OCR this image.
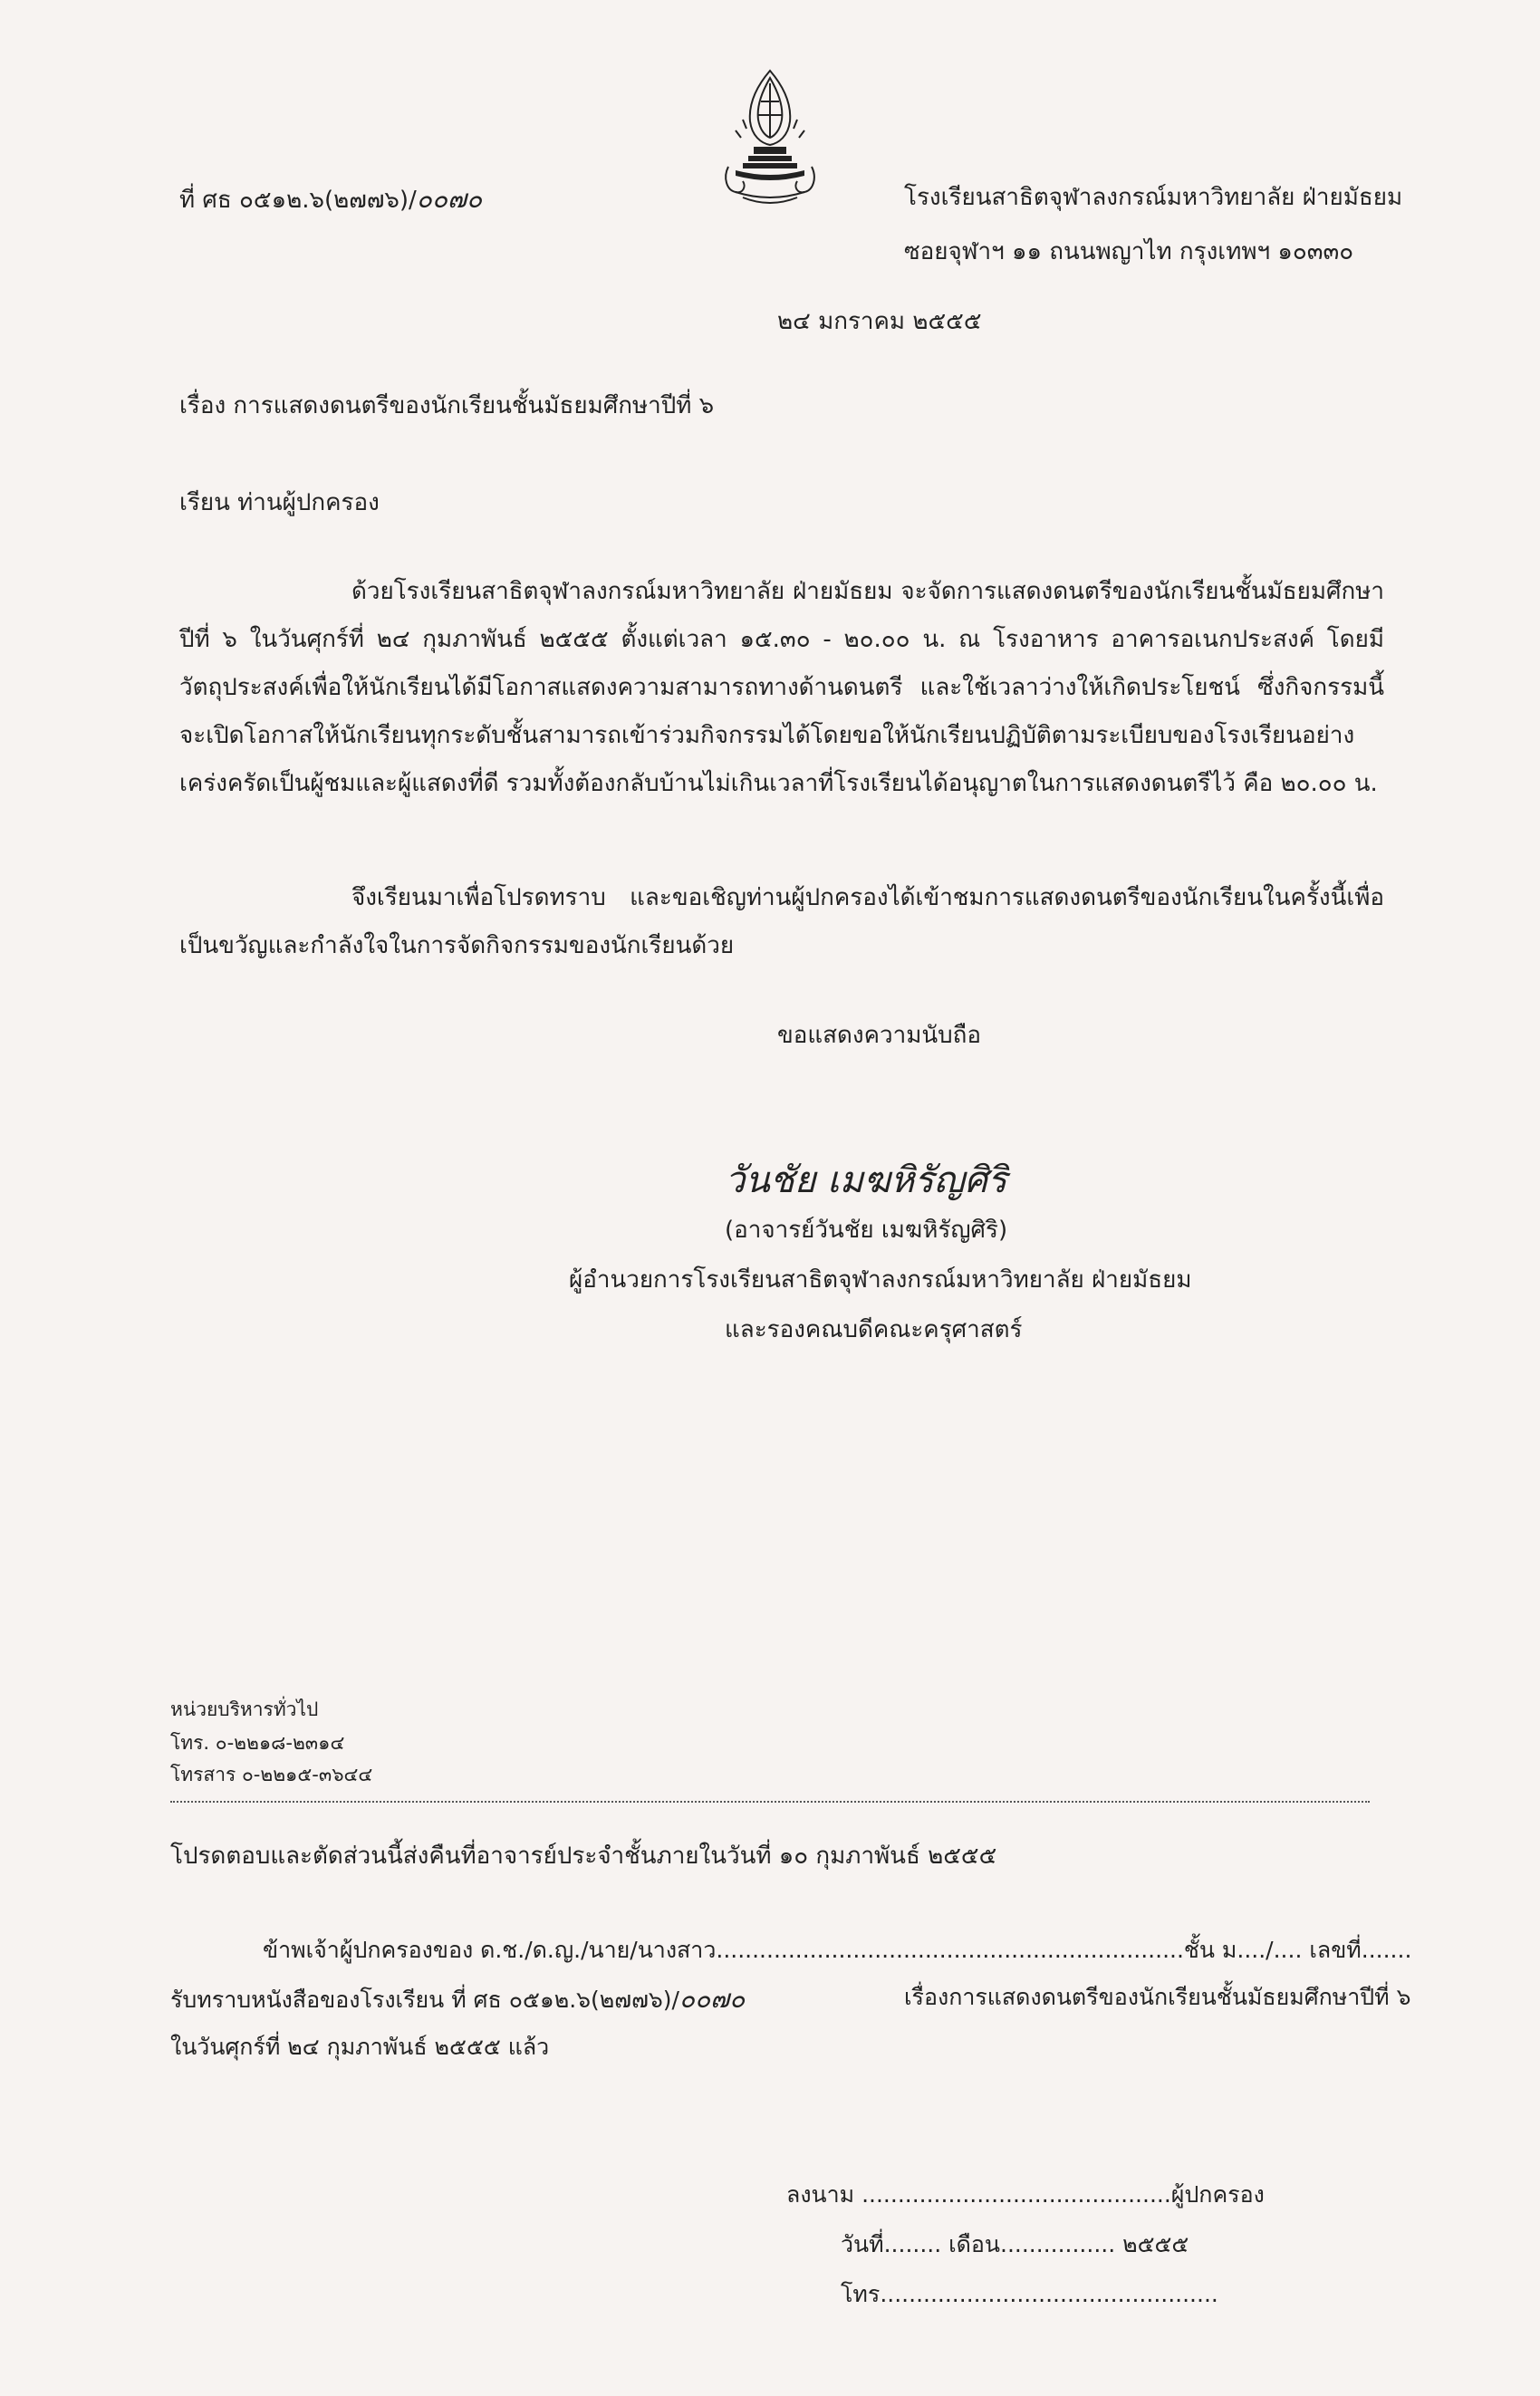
ที่ ศธ ๐๕๑๒.๖(๒๗๗๖)/๐๐๗๐	โรงเรียนสาธิตจุฬาลงกรณ์มหาวิทยาลัย ฝ่ายมัธยม
ซอยจุฬาฯ ๑๑ ถนนพญาไท กรุงเทพฯ ๑๐๓๓๐
๒๔ มกราคม ๒๕๕๕
เรื่อง การแสดงดนตรีของนักเรียนชั้นมัธยมศึกษาปีที่ ๖
เรียน ท่านผู้ปกครอง
ด้วยโรงเรียนสาธิตจุฬาลงกรณ์มหาวิทยาลัย ฝ่ายมัธยม จะจัดการแสดงดนตรีของนักเรียนชั้นมัธยมศึกษาปีที่ ๖ ในวันศุกร์ที่ ๒๔ กุมภาพันธ์ ๒๕๕๕ ตั้งแต่เวลา ๑๕.๓๐ - ๒๐.๐๐ น. ณ โรงอาหาร อาคารอเนกประสงค์ โดยมีวัตถุประสงค์เพื่อให้นักเรียนได้มีโอกาสแสดงความสามารถทางด้านดนตรี และใช้เวลาว่างให้เกิดประโยชน์ ซึ่งกิจกรรมนี้จะเปิดโอกาสให้นักเรียนทุกระดับชั้นสามารถเข้าร่วมกิจกรรมได้โดยขอให้นักเรียนปฏิบัติตามระเบียบของโรงเรียนอย่างเคร่งครัดเป็นผู้ชมและผู้แสดงที่ดี รวมทั้งต้องกลับบ้านไม่เกินเวลาที่โรงเรียนได้อนุญาตในการแสดงดนตรีไว้ คือ ๒๐.๐๐ น.
จึงเรียนมาเพื่อโปรดทราบ และขอเชิญท่านผู้ปกครองได้เข้าชมการแสดงดนตรีของนักเรียนในครั้งนี้เพื่อเป็นขวัญและกำลังใจในการจัดกิจกรรมของนักเรียนด้วย
ขอแสดงความนับถือ
วันชัย เมฆหิรัญศิริ
(อาจารย์วันชัย เมฆหิรัญศิริ)
ผู้อำนวยการโรงเรียนสาธิตจุฬาลงกรณ์มหาวิทยาลัย ฝ่ายมัธยม
และรองคณบดีคณะครุศาสตร์
หน่วยบริหารทั่วไป
โทร. ๐-๒๒๑๘-๒๓๑๔
โทรสาร ๐-๒๒๑๕-๓๖๔๔
โปรดตอบและตัดส่วนนี้ส่งคืนที่อาจารย์ประจำชั้นภายในวันที่ ๑๐ กุมภาพันธ์ ๒๕๕๕
ข้าพเจ้าผู้ปกครองของ ด.ช./ด.ญ./นาย/นางสาว.................................................................ชั้น ม..../.... เลขที่.......
รับทราบหนังสือของโรงเรียน ที่ ศธ ๐๕๑๒.๖(๒๗๗๖)/๐๐๗๐	เรื่องการแสดงดนตรีของนักเรียนชั้นมัธยมศึกษาปีที่ ๖
ในวันศุกร์ที่ ๒๔ กุมภาพันธ์ ๒๕๕๕ แล้ว
ลงนาม ...........................................ผู้ปกครอง
วันที่........ เดือน................ ๒๕๕๕
โทร...............................................
